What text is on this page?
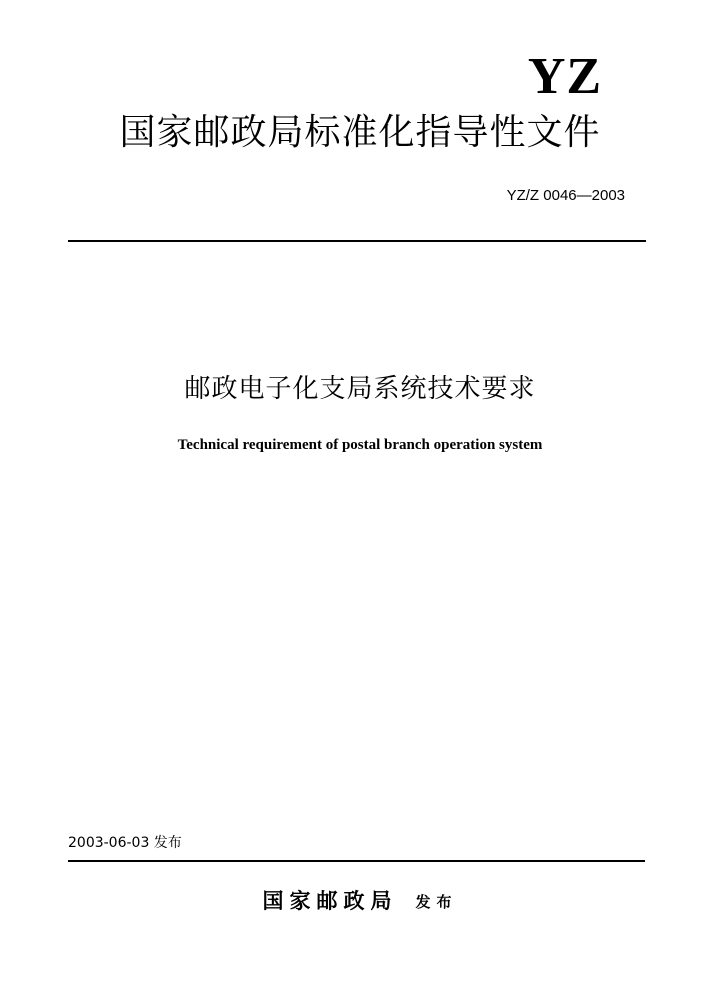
YZ
国家邮政局标准化指导性文件
YZ/Z 0046—2003
邮政电子化支局系统技术要求
Technical requirement of postal branch operation system
2003-06-03 发布
国家邮政局 发布
